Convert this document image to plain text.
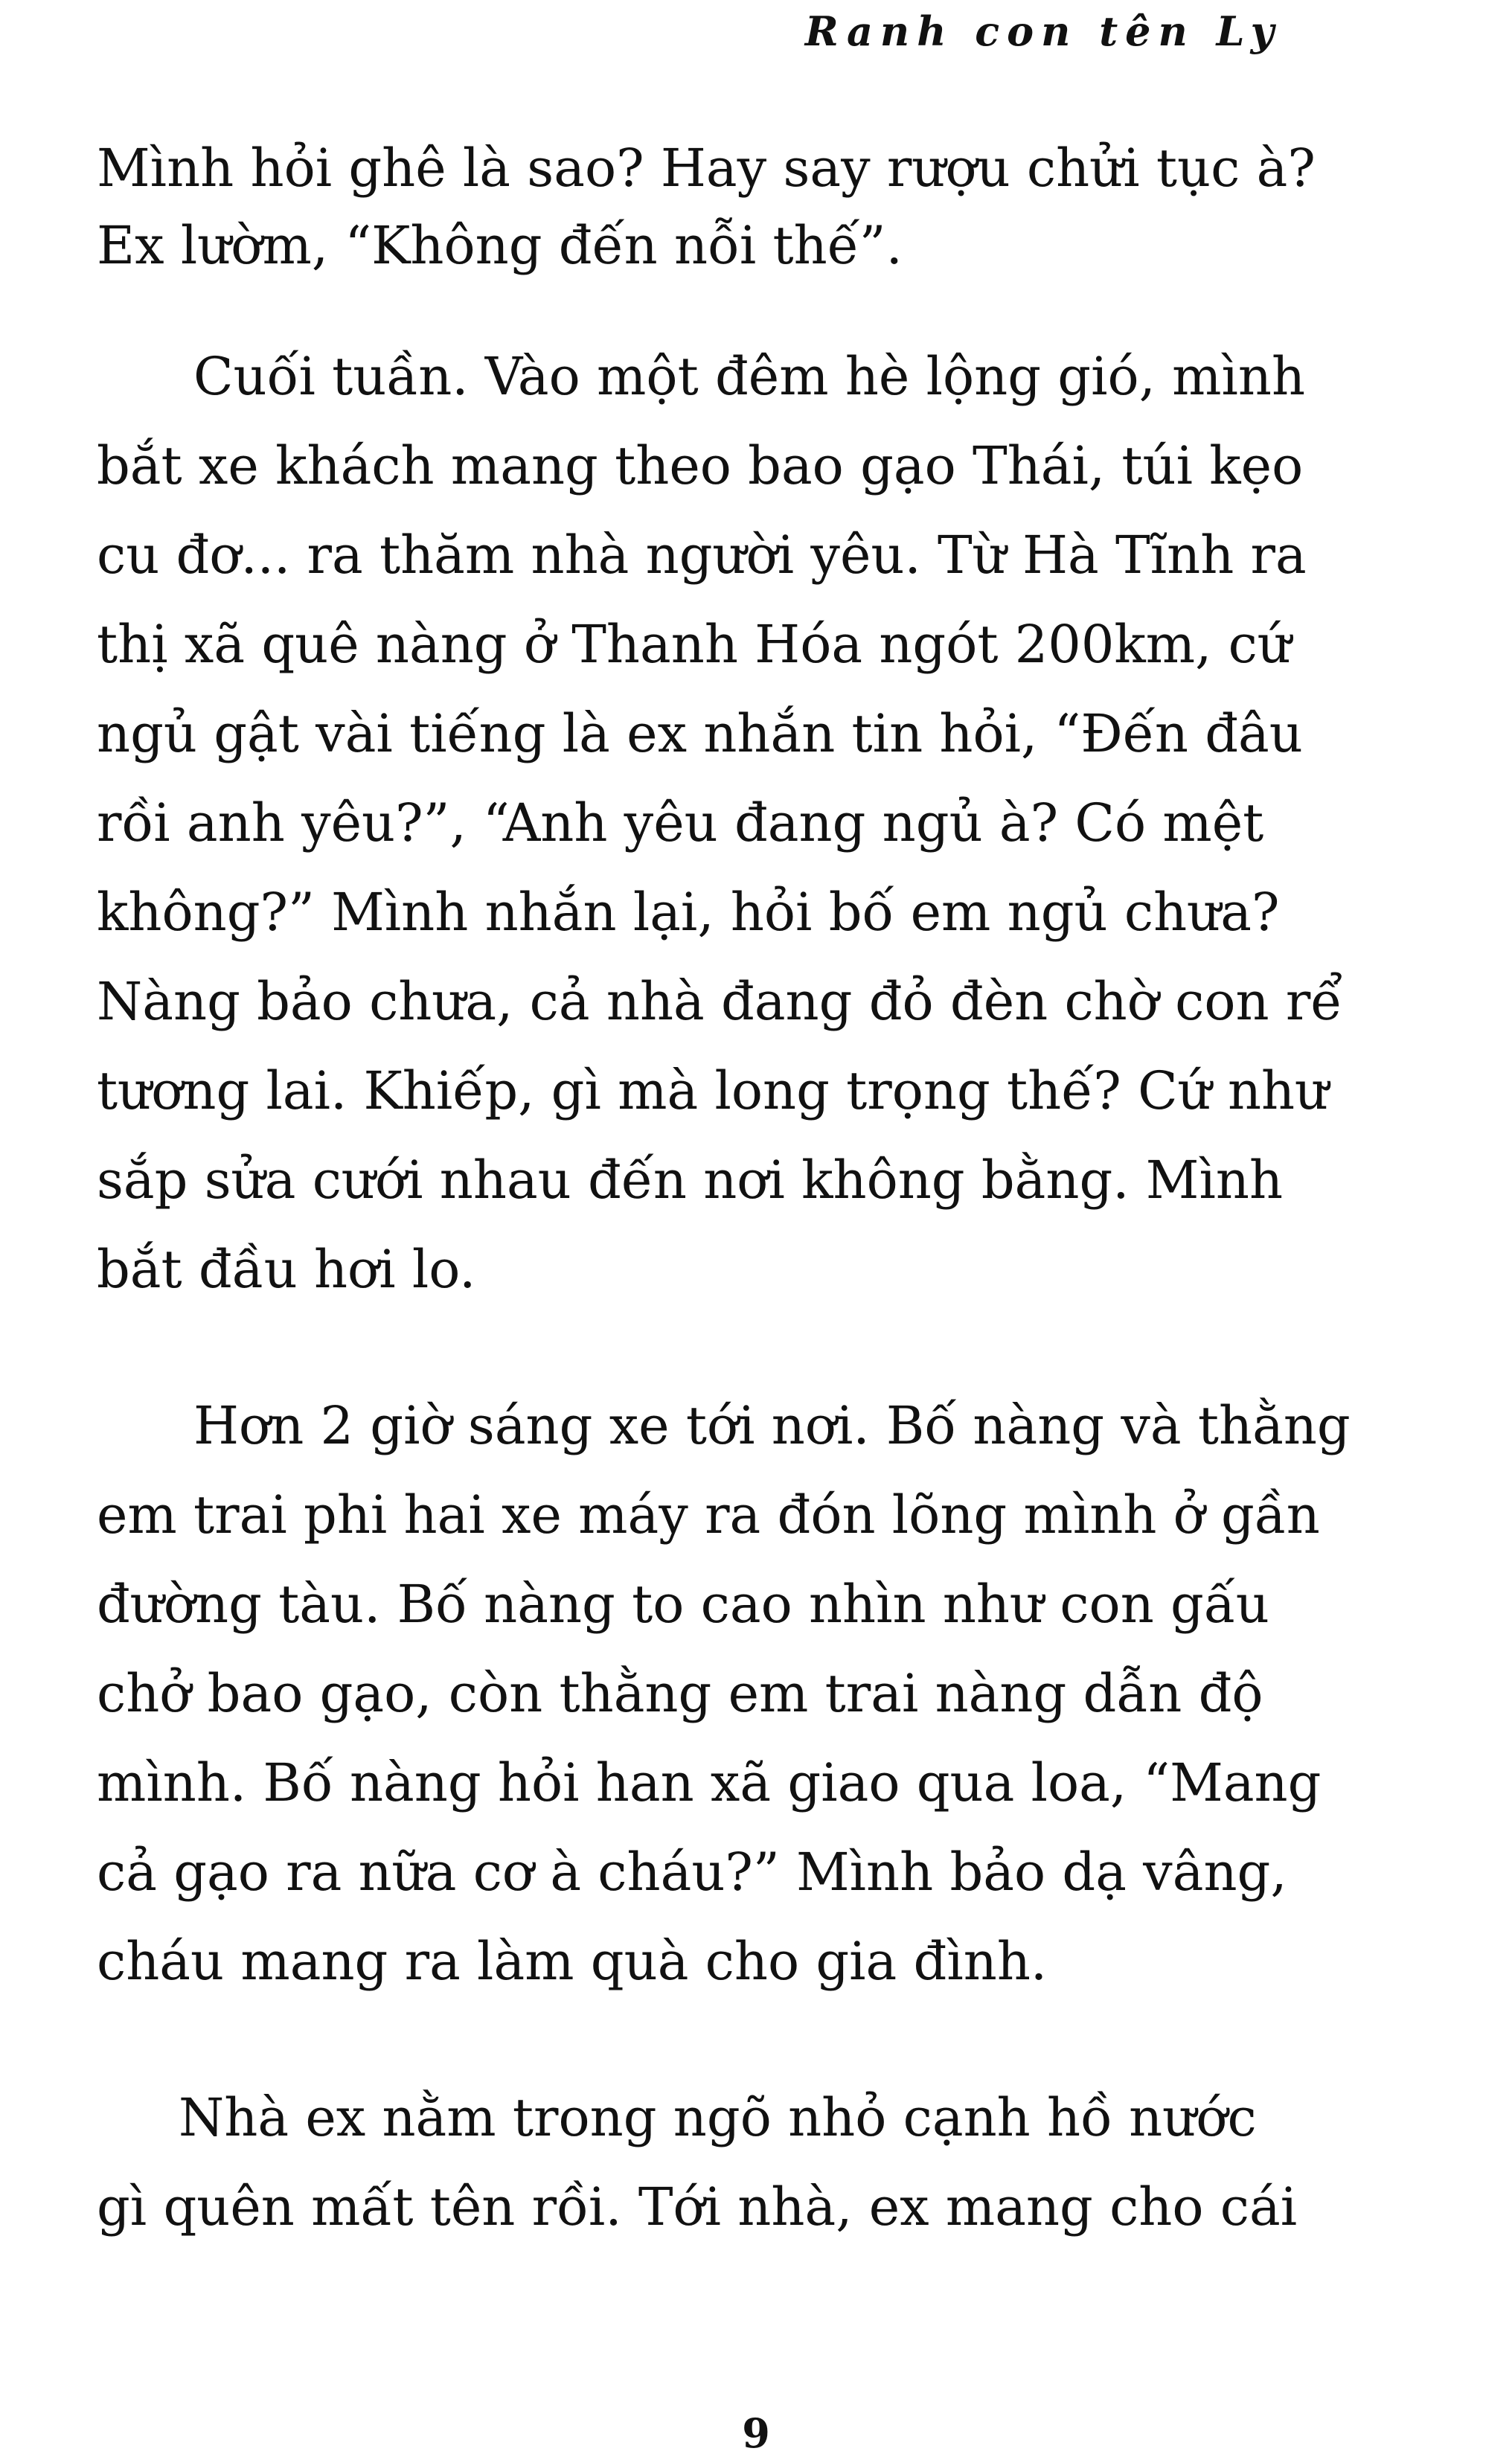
Ranh con tên Ly
Mình hỏi ghê là sao? Hay say rượu chửi tục à?
Ex lườm, “Không đến nỗi thế”.
Cuối tuần. Vào một đêm hè lộng gió, mình
bắt xe khách mang theo bao gạo Thái, túi kẹo
cu đơ... ra thăm nhà người yêu. Từ Hà Tĩnh ra
thị xã quê nàng ở Thanh Hóa ngót 200km, cứ
ngủ gật vài tiếng là ex nhắn tin hỏi, “Đến đâu
rồi anh yêu?”, “Anh yêu đang ngủ à? Có mệt
không?” Mình nhắn lại, hỏi bố em ngủ chưa?
Nàng bảo chưa, cả nhà đang đỏ đèn chờ con rể
tương lai. Khiếp, gì mà long trọng thế? Cứ như
sắp sửa cưới nhau đến nơi không bằng. Mình
bắt đầu hơi lo.
Hơn 2 giờ sáng xe tới nơi. Bố nàng và thằng
em trai phi hai xe máy ra đón lõng mình ở gần
đường tàu. Bố nàng to cao nhìn như con gấu
chở bao gạo, còn thằng em trai nàng dẫn độ
mình. Bố nàng hỏi han xã giao qua loa, “Mang
cả gạo ra nữa cơ à cháu?” Mình bảo dạ vâng,
cháu mang ra làm quà cho gia đình.
Nhà ex nằm trong ngõ nhỏ cạnh hồ nước
gì quên mất tên rồi. Tới nhà, ex mang cho cái
9
